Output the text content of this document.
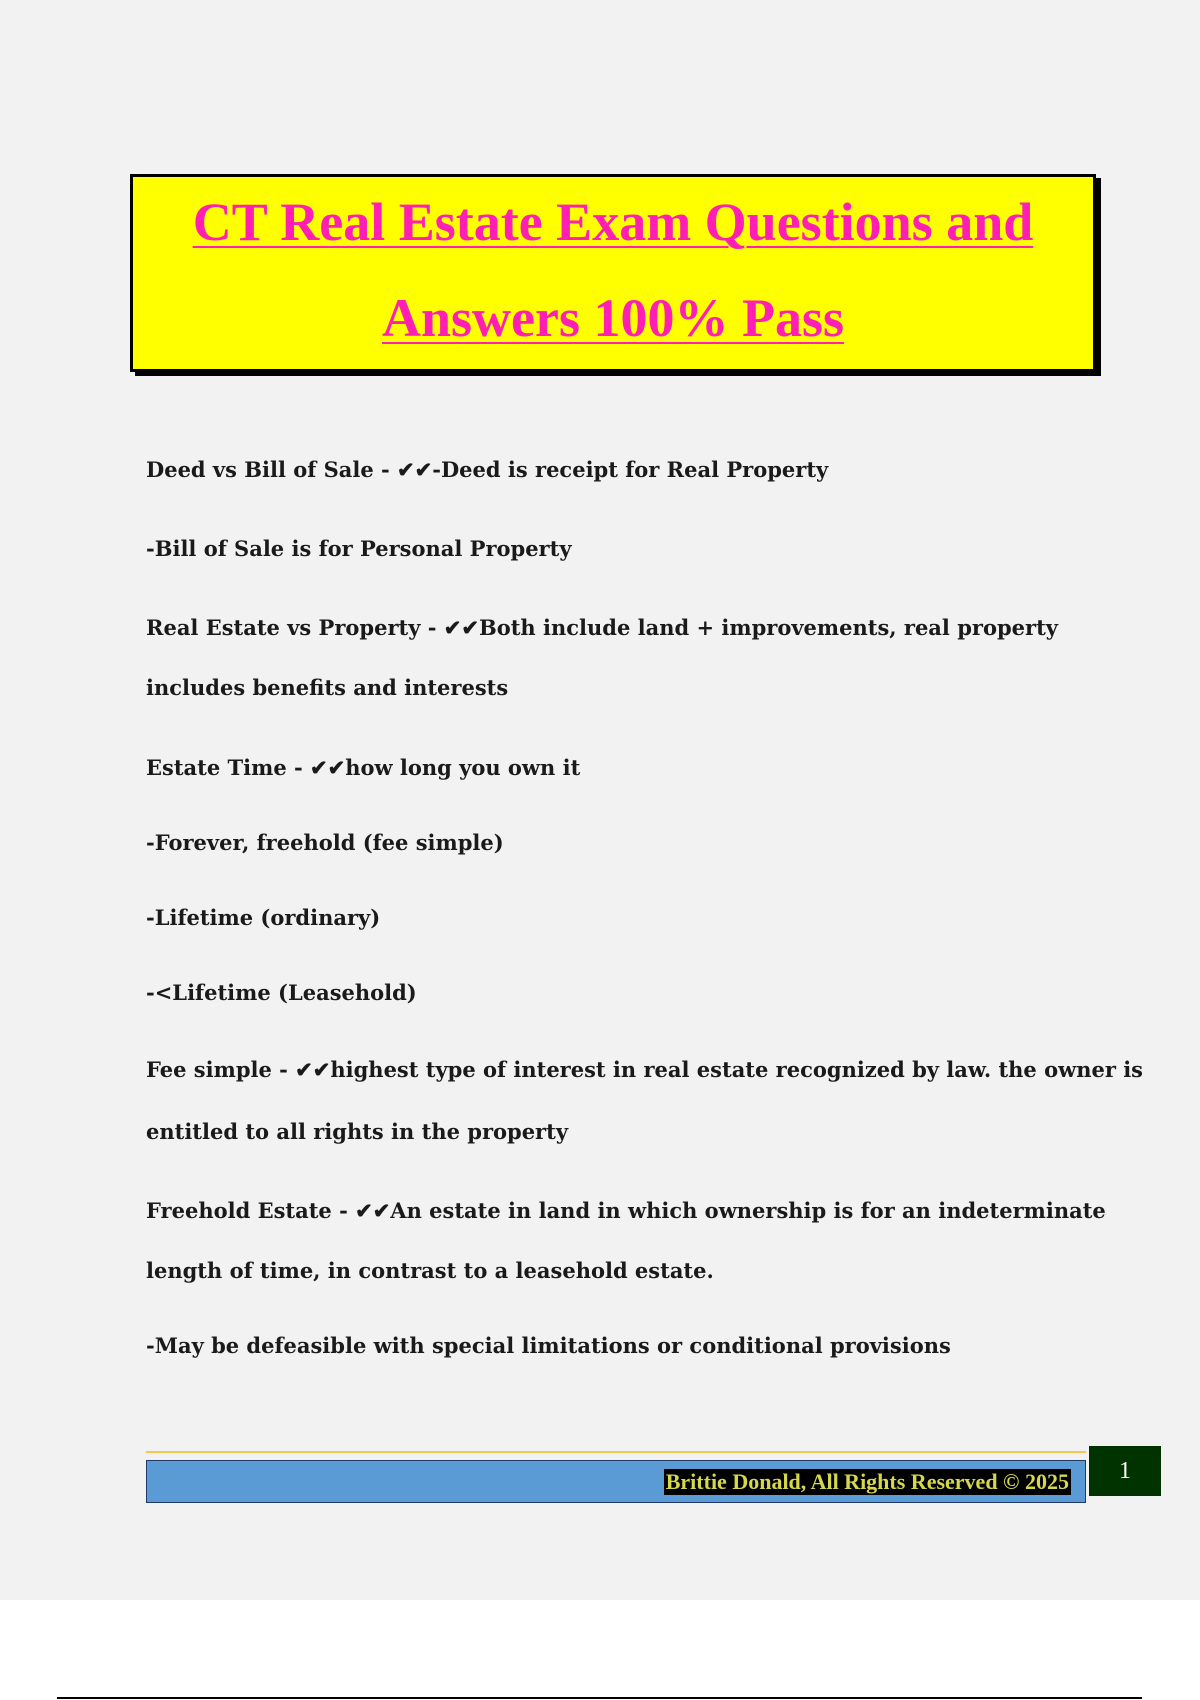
CT Real Estate Exam Questions and
Answers 100% Pass
Deed vs Bill of Sale - ✔✔-Deed is receipt for Real Property
-Bill of Sale is for Personal Property
Real Estate vs Property - ✔✔Both include land + improvements, real property
includes benefits and interests
Estate Time - ✔✔how long you own it
-Forever, freehold (fee simple)
-Lifetime (ordinary)
-<Lifetime (Leasehold)
Fee simple - ✔✔highest type of interest in real estate recognized by law. the owner is
entitled to all rights in the property
Freehold Estate - ✔✔An estate in land in which ownership is for an indeterminate
length of time, in contrast to a leasehold estate.
-May be defeasible with special limitations or conditional provisions
Brittie Donald, All Rights Reserved © 2025	1
